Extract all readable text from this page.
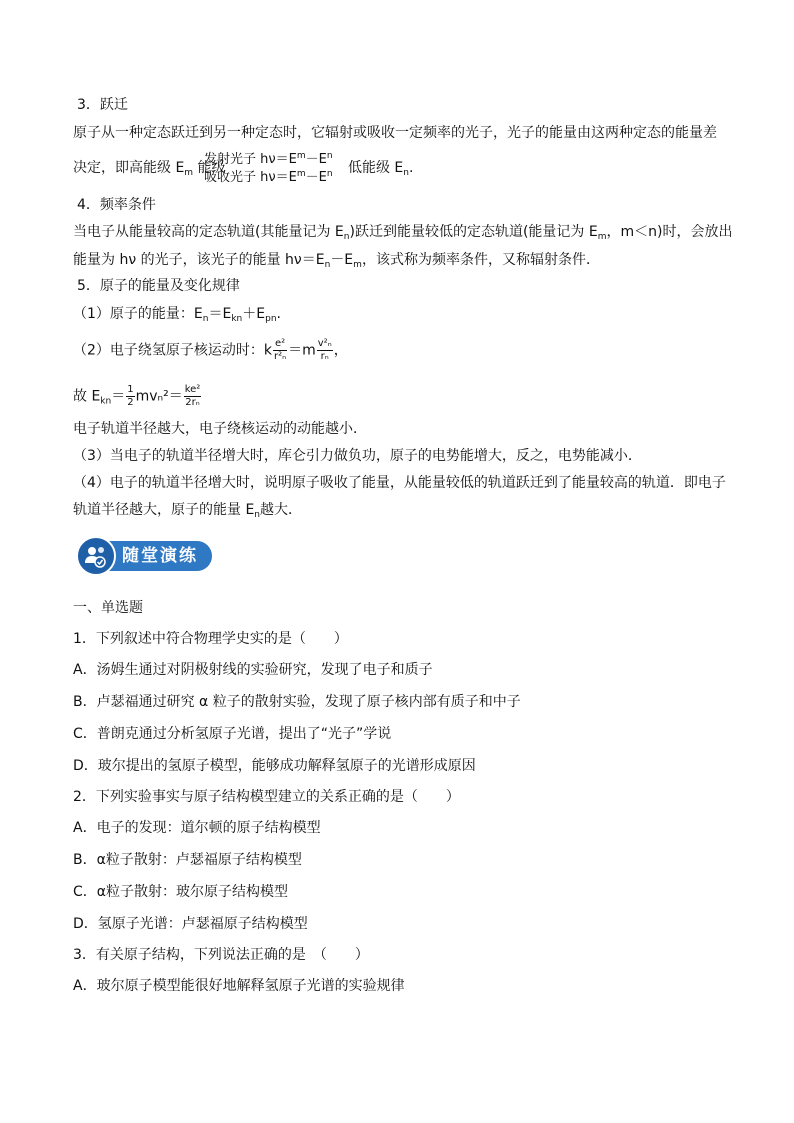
3．跃迁
原子从一种定态跃迁到另一种定态时，它辐射或吸收一定频率的光子，光子的能量由这两种定态的能量差
决定，即高能级 $E_m$ 能级	低能级 $E_n$.
发射光子 $h\nu=E^m-E^n$
吸收光子 $h\nu=E^m-E^n$
4．频率条件
当电子从能量较高的定态轨道(其能量记为 $E_n$)跃迁到能量较低的定态轨道(能量记为 $E_m$，m＜n)时，会放出
能量为 hν 的光子，该光子的能量 $h\nu=E_n-E_m$，该式称为频率条件，又称辐射条件．
5．原子的能量及变化规律
（1）原子的能量：$E_n=E_{kn}+E_{pn}$.
（2）电子绕氢原子核运动时：k $\frac{\text{e²}}{\text{r²ₙ}} =m \frac{\text{v²ₙ}}{\text{rₙ}}$ ，
故 $E_{kn}= \frac{1}{2} mv_n^2= \frac{\text{ke²}}{\text{2rₙ}}$
电子轨道半径越大，电子绕核运动的动能越小．
（3）当电子的轨道半径增大时，库仑引力做负功，原子的电势能增大，反之，电势能减小．
（4）电子的轨道半径增大时，说明原子吸收了能量，从能量较低的轨道跃迁到了能量较高的轨道．即电子
轨道半径越大，原子的能量 $E_n$越大．
随堂演练
一、单选题
1．下列叙述中符合物理学史实的是（　　）
A．汤姆生通过对阴极射线的实验研究，发现了电子和质子
B．卢瑟福通过研究 α 粒子的散射实验，发现了原子核内部有质子和中子
C．普朗克通过分析氢原子光谱，提出了“光子”学说
D．玻尔提出的氢原子模型，能够成功解释氢原子的光谱形成原因
2．下列实验事实与原子结构模型建立的关系正确的是（　　）
A．电子的发现：道尔顿的原子结构模型
B．α粒子散射：卢瑟福原子结构模型
C．α粒子散射：玻尔原子结构模型
D．氢原子光谱：卢瑟福原子结构模型
3．有关原子结构，下列说法正确的是　（　　）
A．玻尔原子模型能很好地解释氢原子光谱的实验规律
